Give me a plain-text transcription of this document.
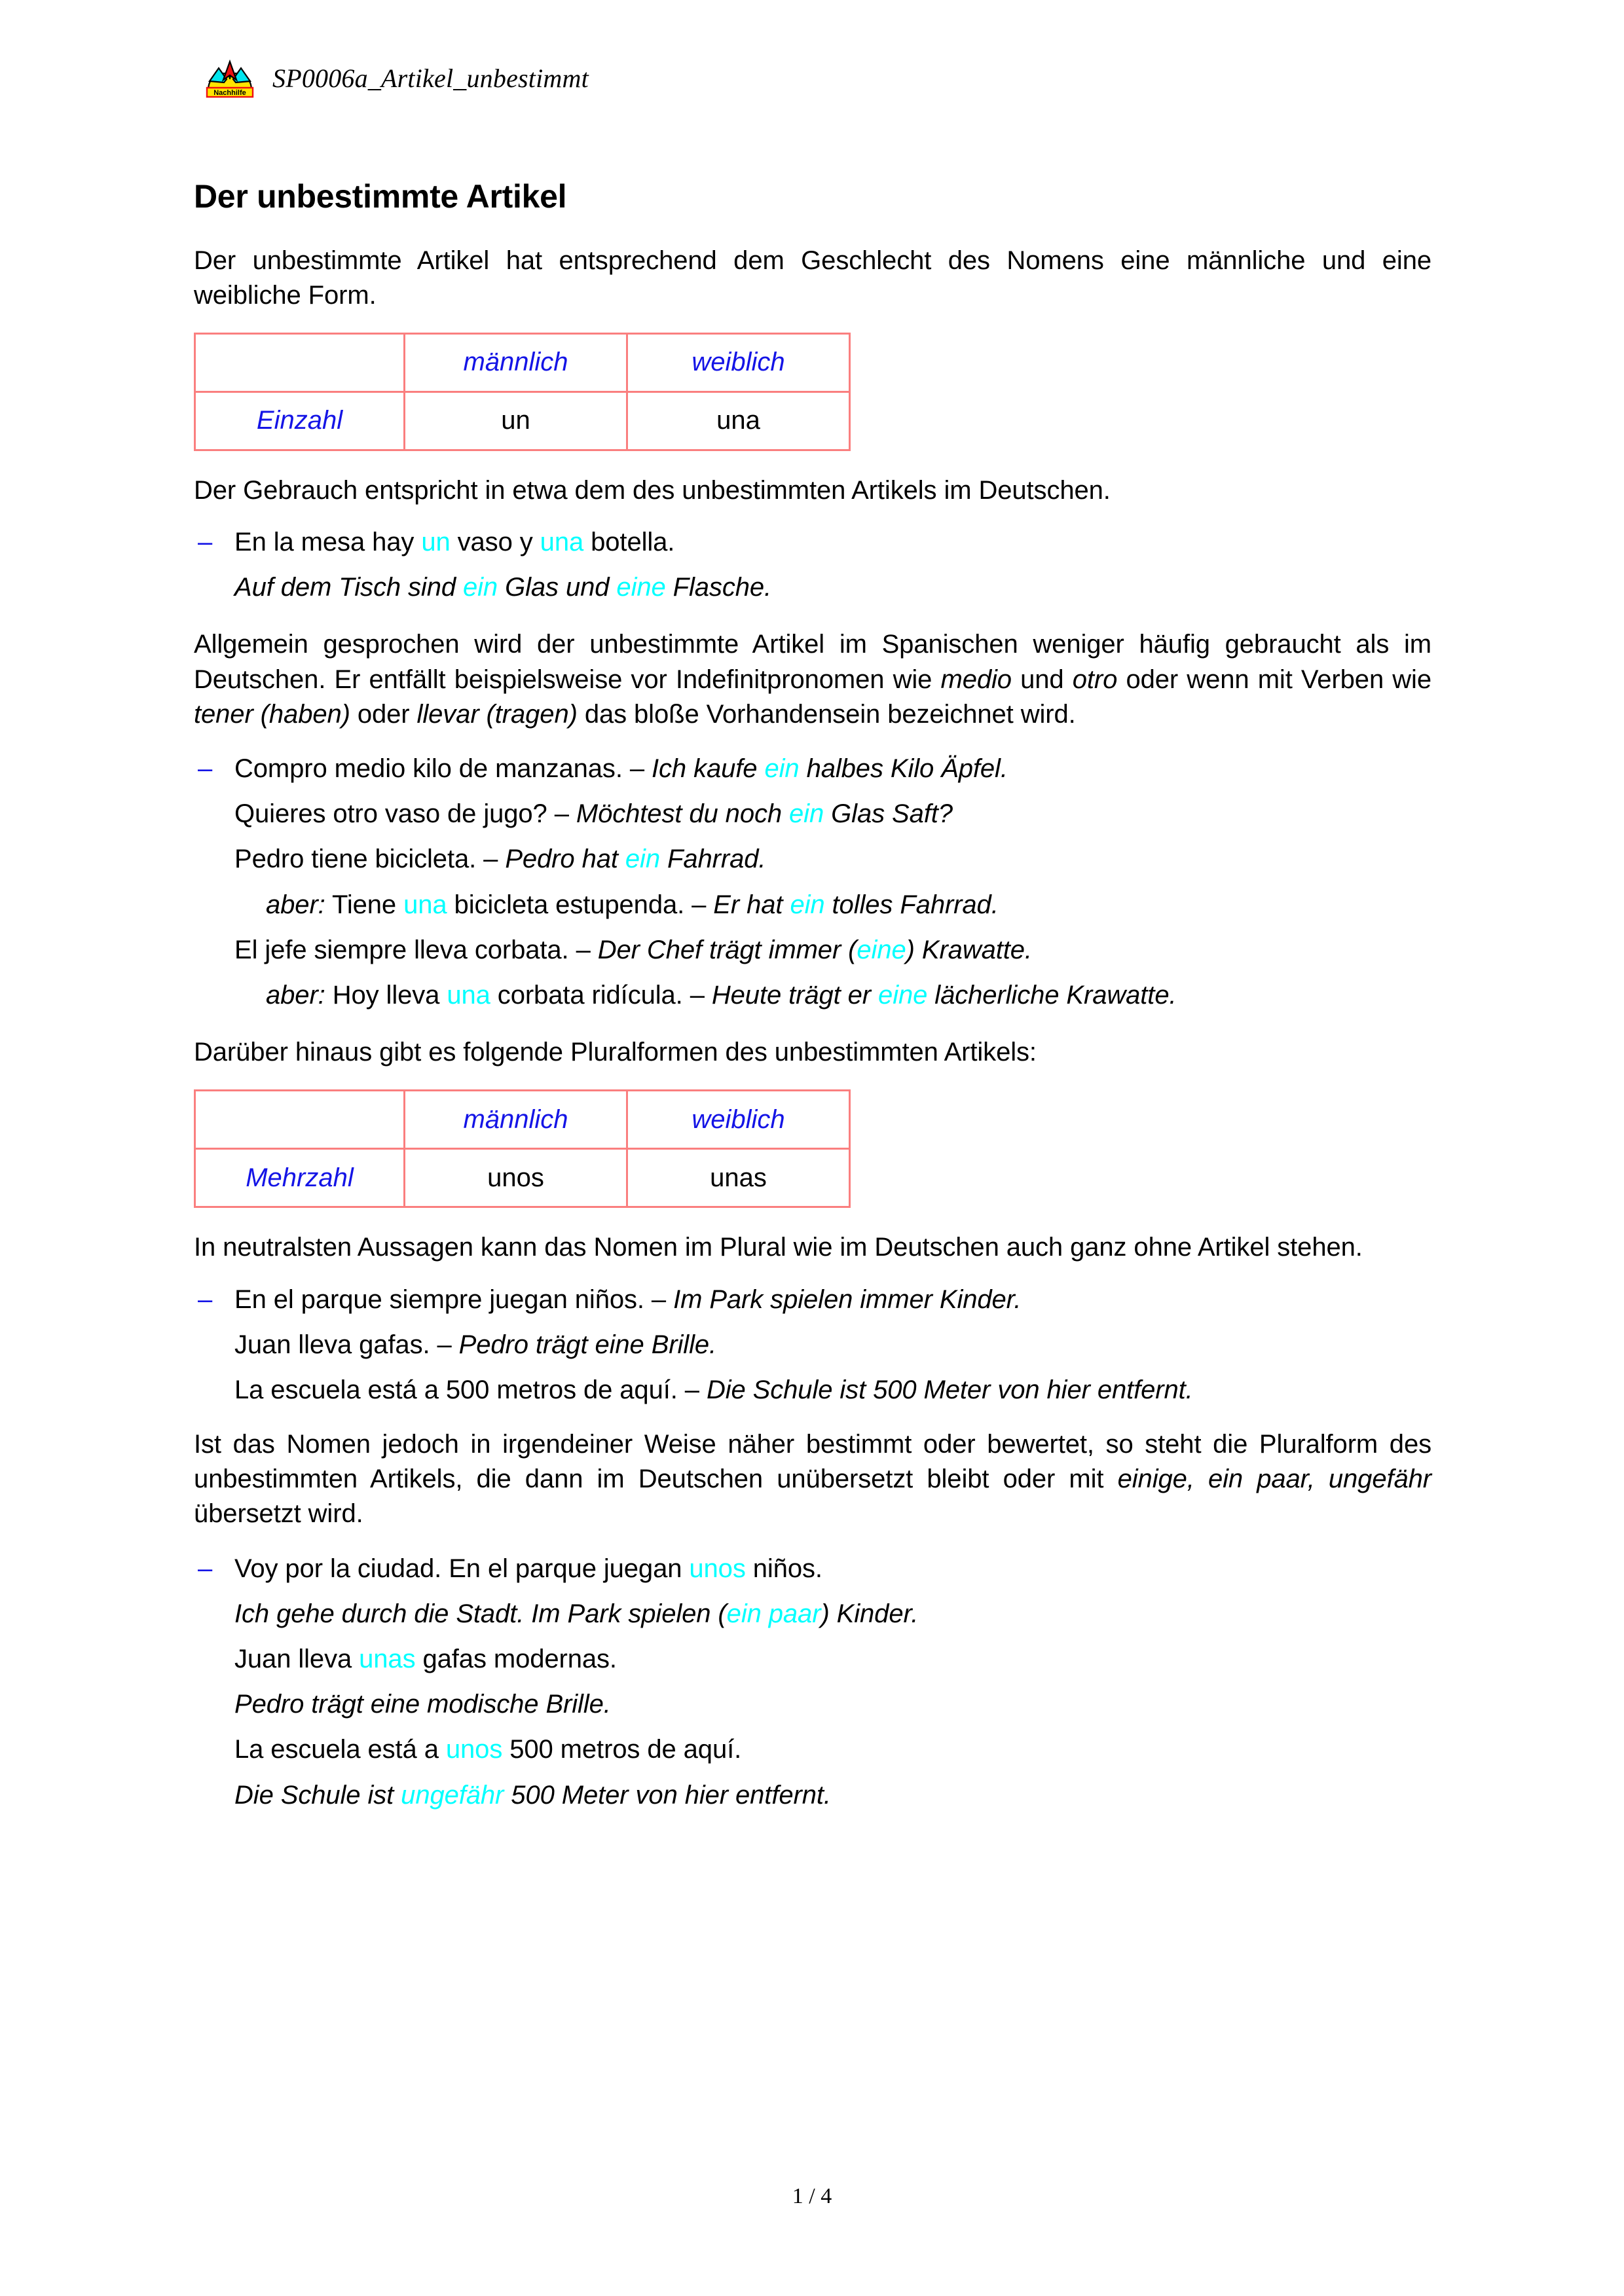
Nachhilfe
SP0006a_Artikel_unbestimmt
Der unbestimmte Artikel

Der unbestimmte Artikel hat entsprechend dem Geschlecht des Nomens eine männliche und eine weibliche Form.

	männlich	weiblich
Einzahl	un	una

Der Gebrauch entspricht in etwa dem des unbestimmten Artikels im Deutschen.

– En la mesa hay un vaso y una botella.
Auf dem Tisch sind ein Glas und eine Flasche.

Allgemein gesprochen wird der unbestimmte Artikel im Spanischen weniger häufig gebraucht als im Deutschen. Er entfällt beispielsweise vor Indefinitpronomen wie medio und otro oder wenn mit Verben wie tener (haben) oder llevar (tragen) das bloße Vorhandensein bezeichnet wird.

– Compro medio kilo de manzanas. – Ich kaufe ein halbes Kilo Äpfel.
Quieres otro vaso de jugo? – Möchtest du noch ein Glas Saft?
Pedro tiene bicicleta. – Pedro hat ein Fahrrad.
aber: Tiene una bicicleta estupenda. – Er hat ein tolles Fahrrad.
El jefe siempre lleva corbata. – Der Chef trägt immer (eine) Krawatte.
aber: Hoy lleva una corbata ridícula. – Heute trägt er eine lächerliche Krawatte.

Darüber hinaus gibt es folgende Pluralformen des unbestimmten Artikels:

	männlich	weiblich
Mehrzahl	unos	unas

In neutralsten Aussagen kann das Nomen im Plural wie im Deutschen auch ganz ohne Artikel stehen.

– En el parque siempre juegan niños. – Im Park spielen immer Kinder.
Juan lleva gafas. – Pedro trägt eine Brille.
La escuela está a 500 metros de aquí. – Die Schule ist 500 Meter von hier entfernt.

Ist das Nomen jedoch in irgendeiner Weise näher bestimmt oder bewertet, so steht die Pluralform des unbestimmten Artikels, die dann im Deutschen unübersetzt bleibt oder mit einige, ein paar, ungefähr übersetzt wird.

– Voy por la ciudad. En el parque juegan unos niños.
Ich gehe durch die Stadt. Im Park spielen (ein paar) Kinder.
Juan lleva unas gafas modernas.
Pedro trägt eine modische Brille.
La escuela está a unos 500 metros de aquí.
Die Schule ist ungefähr 500 Meter von hier entfernt.
1 / 4
